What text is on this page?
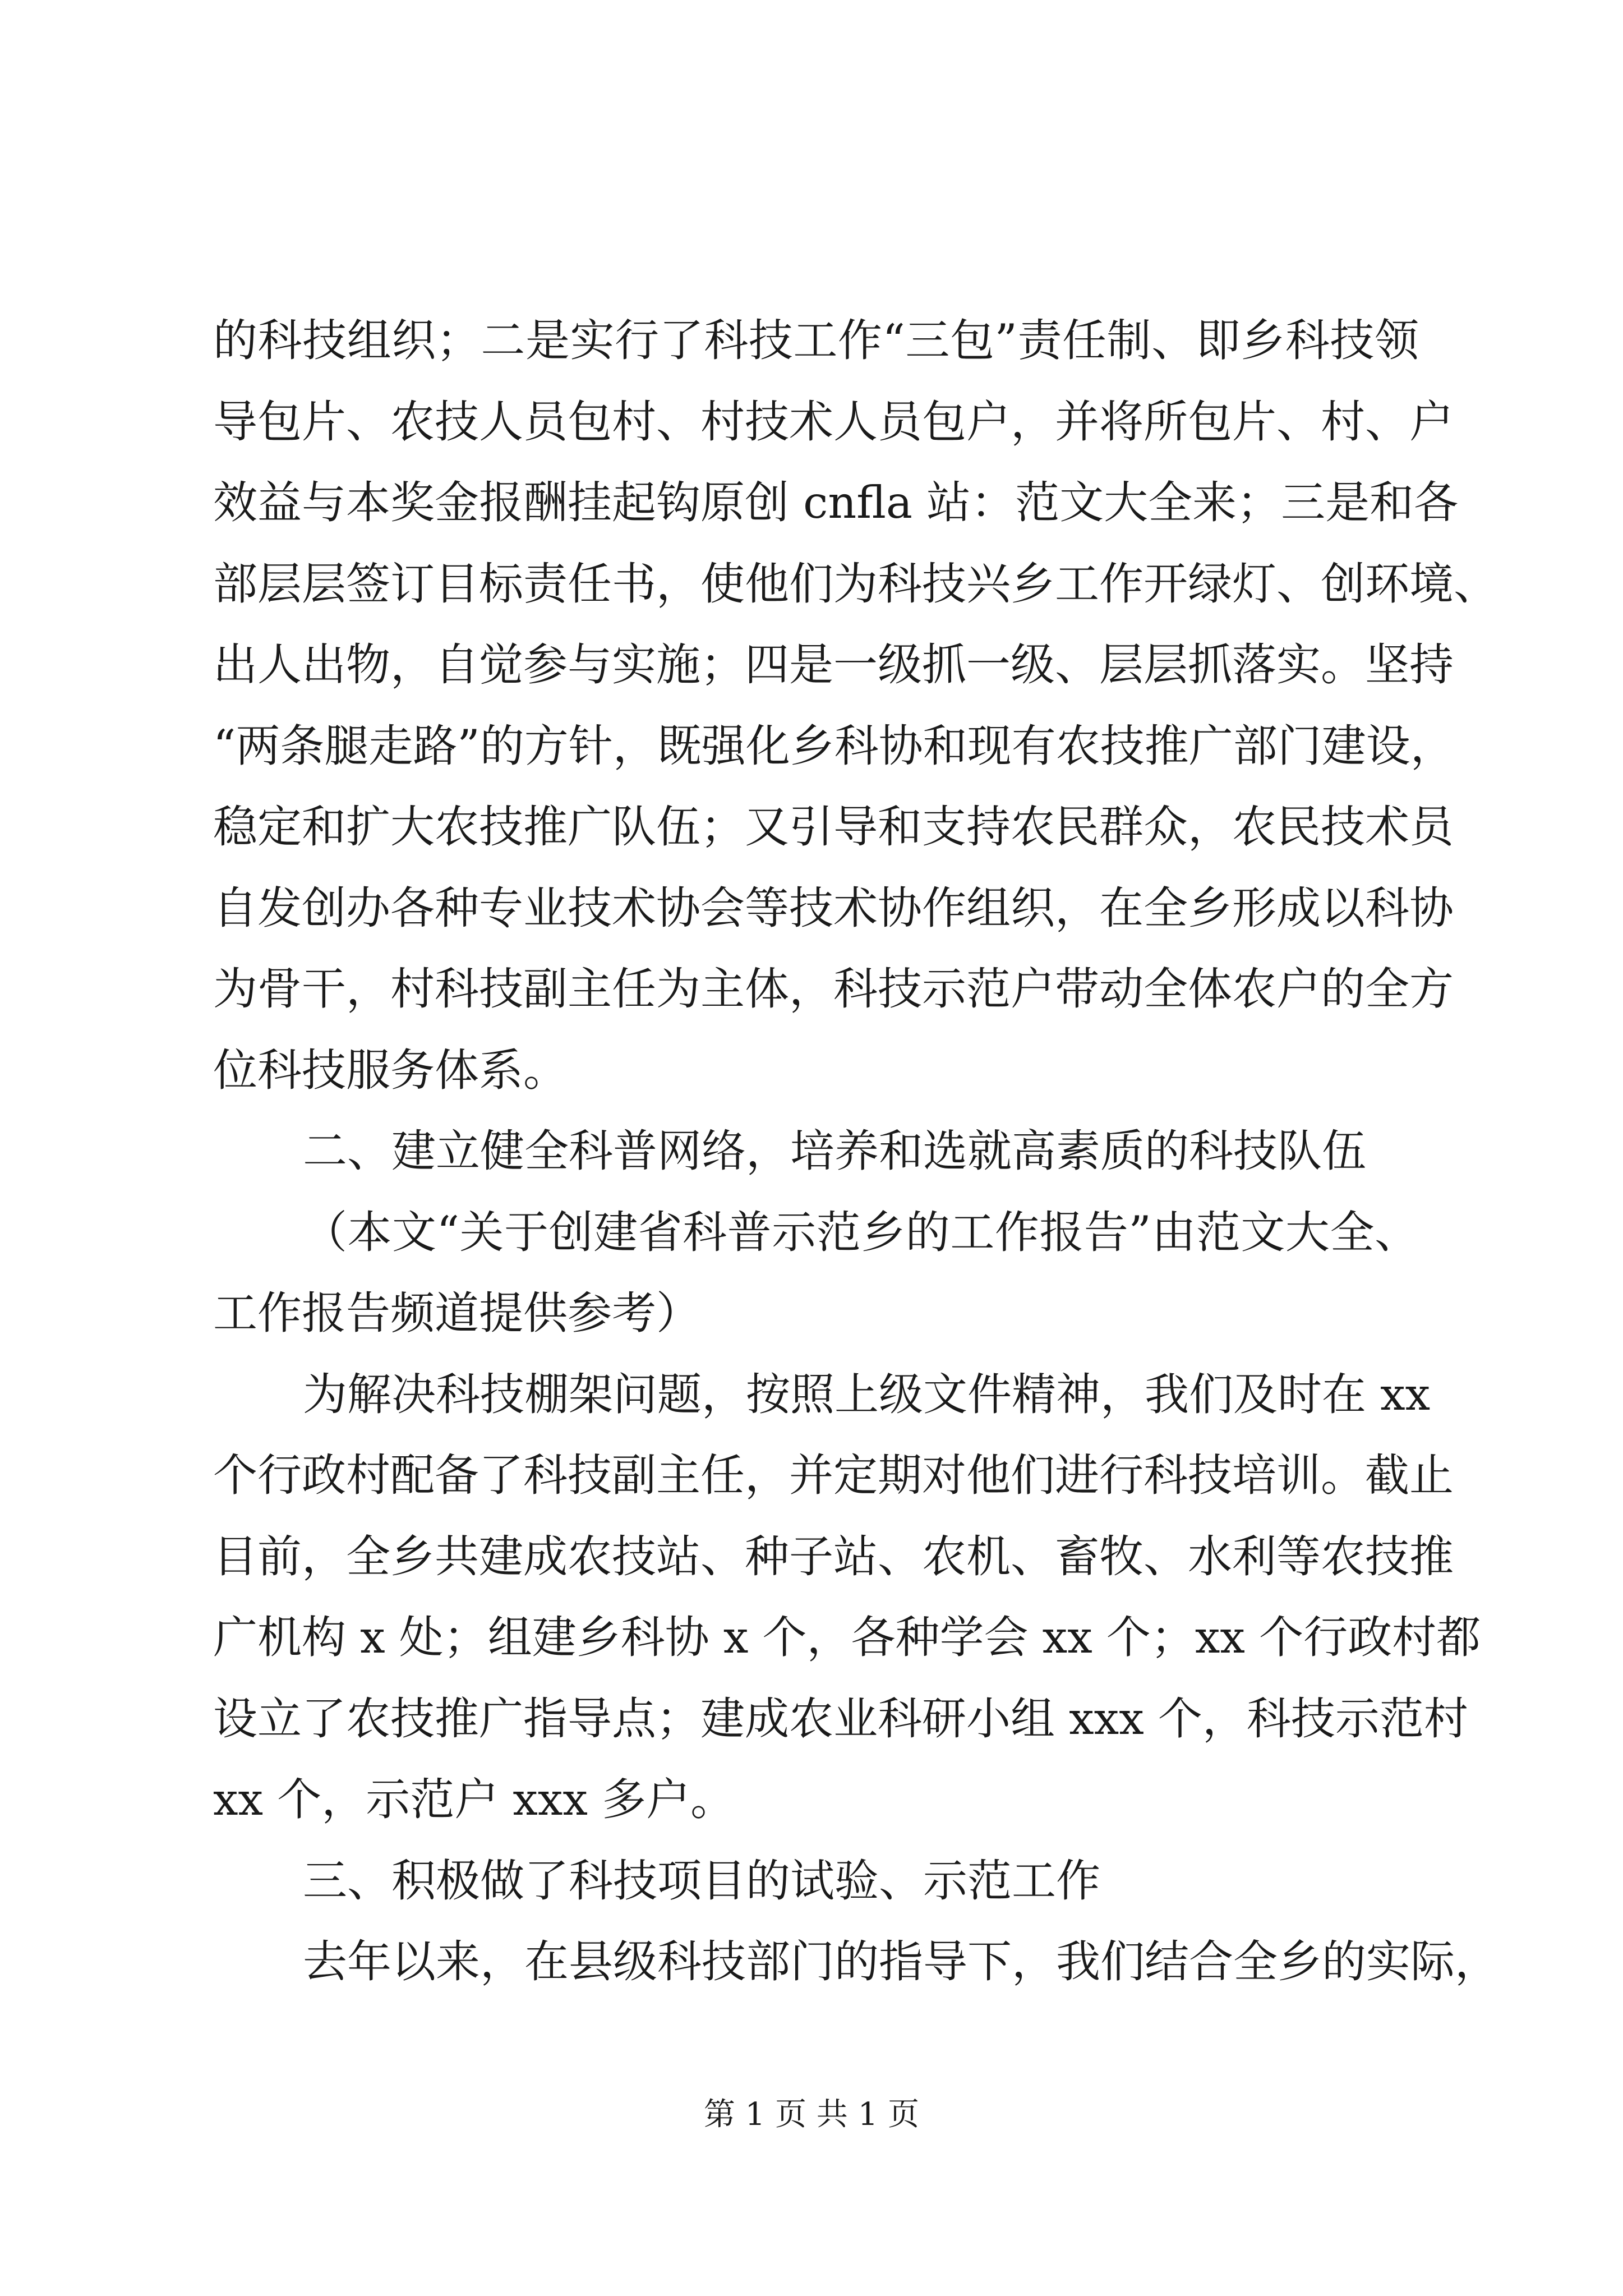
的科技组织；二是实行了科技工作“三包”责任制、即乡科技领
导包片、农技人员包村、村技术人员包户，并将所包片、村、户
效益与本奖金报酬挂起钩原创 cnfla 站：范文大全来；三是和各
部层层签订目标责任书，使他们为科技兴乡工作开绿灯、创环境、
出人出物，自觉参与实施；四是一级抓一级、层层抓落实。坚持
“两条腿走路”的方针，既强化乡科协和现有农技推广部门建设，
稳定和扩大农技推广队伍；又引导和支持农民群众，农民技术员
自发创办各种专业技术协会等技术协作组织，在全乡形成以科协
为骨干，村科技副主任为主体，科技示范户带动全体农户的全方
位科技服务体系。
二、建立健全科普网络，培养和选就高素质的科技队伍
（本文“关于创建省科普示范乡的工作报告”由范文大全、
工作报告频道提供参考）
为解决科技棚架问题，按照上级文件精神，我们及时在 xx
个行政村配备了科技副主任，并定期对他们进行科技培训。截止
目前，全乡共建成农技站、种子站、农机、畜牧、水利等农技推
广机构 x 处；组建乡科协 x 个，各种学会 xx 个；xx 个行政村都
设立了农技推广指导点；建成农业科研小组 xxx 个，科技示范村
xx 个，示范户 xxx 多户。
三、积极做了科技项目的试验、示范工作
去年以来，在县级科技部门的指导下，我们结合全乡的实际，
第 1 页 共 1 页
